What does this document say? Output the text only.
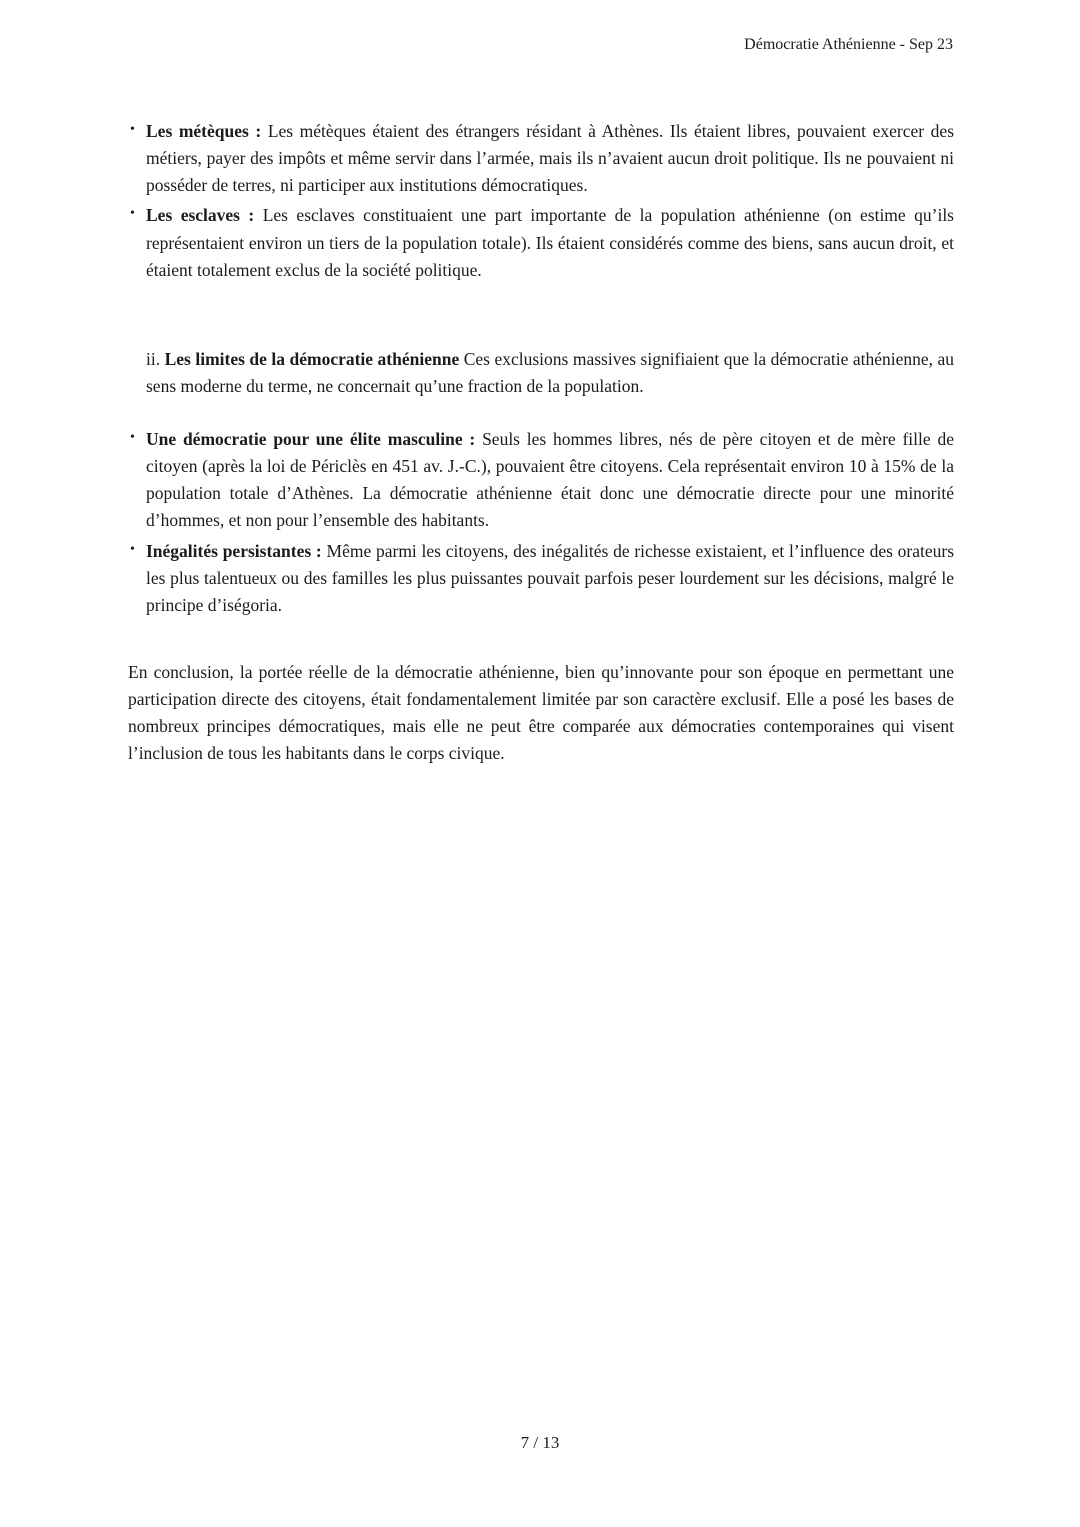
Démocratie Athénienne - Sep 23
• Les métèques : Les métèques étaient des étrangers résidant à Athènes. Ils étaient libres, pouvaient exercer des métiers, payer des impôts et même servir dans l’armée, mais ils n’avaient aucun droit politique. Ils ne pouvaient ni posséder de terres, ni participer aux institutions démocratiques.
• Les esclaves : Les esclaves constituaient une part importante de la population athénienne (on estime qu’ils représentaient environ un tiers de la population totale). Ils étaient considérés comme des biens, sans aucun droit, et étaient totalement exclus de la société politique.

ii. Les limites de la démocratie athénienne Ces exclusions massives signifiaient que la démocratie athénienne, au sens moderne du terme, ne concernait qu’une fraction de la population.

• Une démocratie pour une élite masculine : Seuls les hommes libres, nés de père citoyen et de mère fille de citoyen (après la loi de Périclès en 451 av. J.-C.), pouvaient être citoyens. Cela représentait environ 10 à 15% de la population totale d’Athènes. La démocratie athénienne était donc une démocratie directe pour une minorité d’hommes, et non pour l’ensemble des habitants.
• Inégalités persistantes : Même parmi les citoyens, des inégalités de richesse existaient, et l’influence des orateurs les plus talentueux ou des familles les plus puissantes pouvait parfois peser lourdement sur les décisions, malgré le principe d’iségoria.

En conclusion, la portée réelle de la démocratie athénienne, bien qu’innovante pour son époque en permettant une participation directe des citoyens, était fondamentalement limitée par son caractère exclusif. Elle a posé les bases de nombreux principes démocratiques, mais elle ne peut être comparée aux démocraties contemporaines qui visent l’inclusion de tous les habitants dans le corps civique.

7 / 13
